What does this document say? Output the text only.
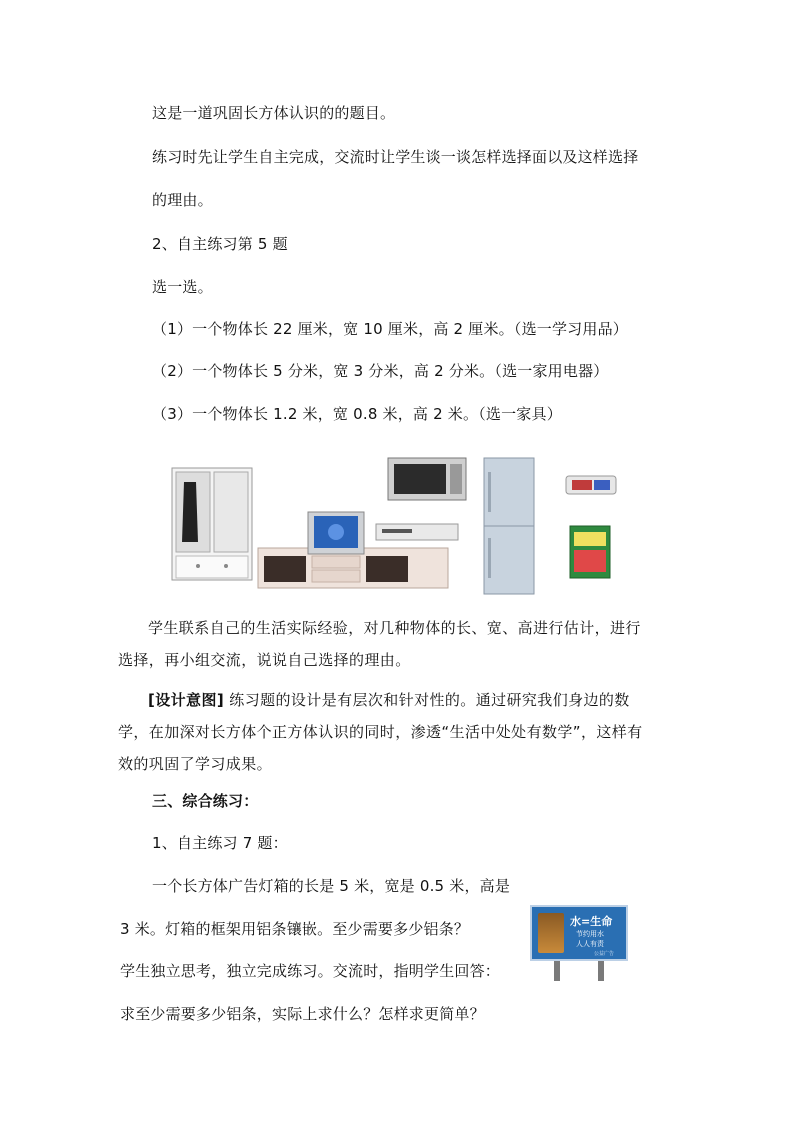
这是一道巩固长方体认识的的题目。
练习时先让学生自主完成，交流时让学生谈一谈怎样选择面以及这样选择
的理由。
2、自主练习第 5 题
选一选。
（1）一个物体长 22 厘米，宽 10 厘米，高 2 厘米。（选一学习用品）
（2）一个物体长 5 分米，宽 3 分米，高 2 分米。（选一家用电器）
（3）一个物体长 1.2 米，宽 0.8 米，高 2 米。（选一家具）
学生联系自己的生活实际经验，对几种物体的长、宽、高进行估计，进行选择，再小组交流，说说自己选择的理由。
[设计意图] 练习题的设计是有层次和针对性的。通过研究我们身边的数学，在加深对长方体个正方体认识的同时，渗透“生活中处处有数学”，这样有效的巩固了学习成果。
三、综合练习：
1、自主练习 7 题：
一个长方体广告灯箱的长是 5 米，宽是 0.5 米，高是
3 米。灯箱的框架用铝条镶嵌。至少需要多少铝条？
学生独立思考，独立完成练习。交流时，指明学生回答：
求至少需要多少铝条，实际上求什么？怎样求更简单？
水=生命
节约用水
人人有责
公益广告
